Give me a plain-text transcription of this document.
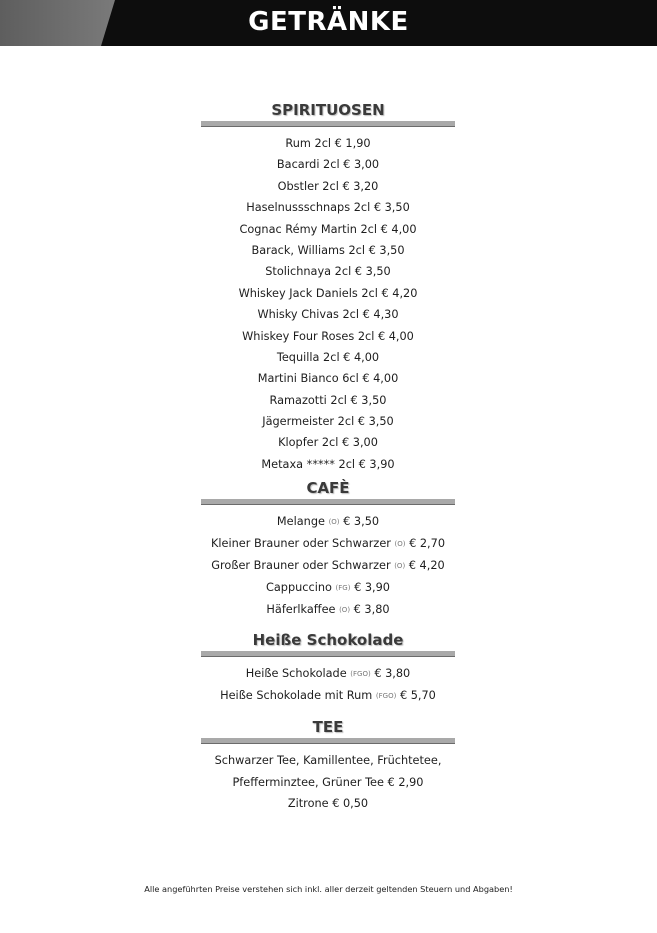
GETRÄNKE
SPIRITUOSEN
Rum 2cl € 1,90
Bacardi 2cl € 3,00
Obstler 2cl € 3,20
Haselnussschnaps 2cl € 3,50
Cognac Rémy Martin 2cl € 4,00
Barack, Williams 2cl € 3,50
Stolichnaya 2cl € 3,50
Whiskey Jack Daniels 2cl € 4,20
Whisky Chivas 2cl € 4,30
Whiskey Four Roses 2cl € 4,00
Tequilla 2cl € 4,00
Martini Bianco 6cl € 4,00
Ramazotti 2cl € 3,50
Jägermeister 2cl € 3,50
Klopfer 2cl € 3,00
Metaxa ***** 2cl € 3,90
CAFÈ
Melange (O) € 3,50
Kleiner Brauner oder Schwarzer (O) € 2,70
Großer Brauner oder Schwarzer (O) € 4,20
Cappuccino (FG) € 3,90
Häferlkaffee (O) € 3,80
Heiße Schokolade
Heiße Schokolade (FGO) € 3,80
Heiße Schokolade mit Rum (FGO) € 5,70
TEE
Schwarzer Tee, Kamillentee, Früchtetee,
Pfefferminztee, Grüner Tee € 2,90
Zitrone € 0,50
Alle angeführten Preise verstehen sich inkl. aller derzeit geltenden Steuern und Abgaben!
